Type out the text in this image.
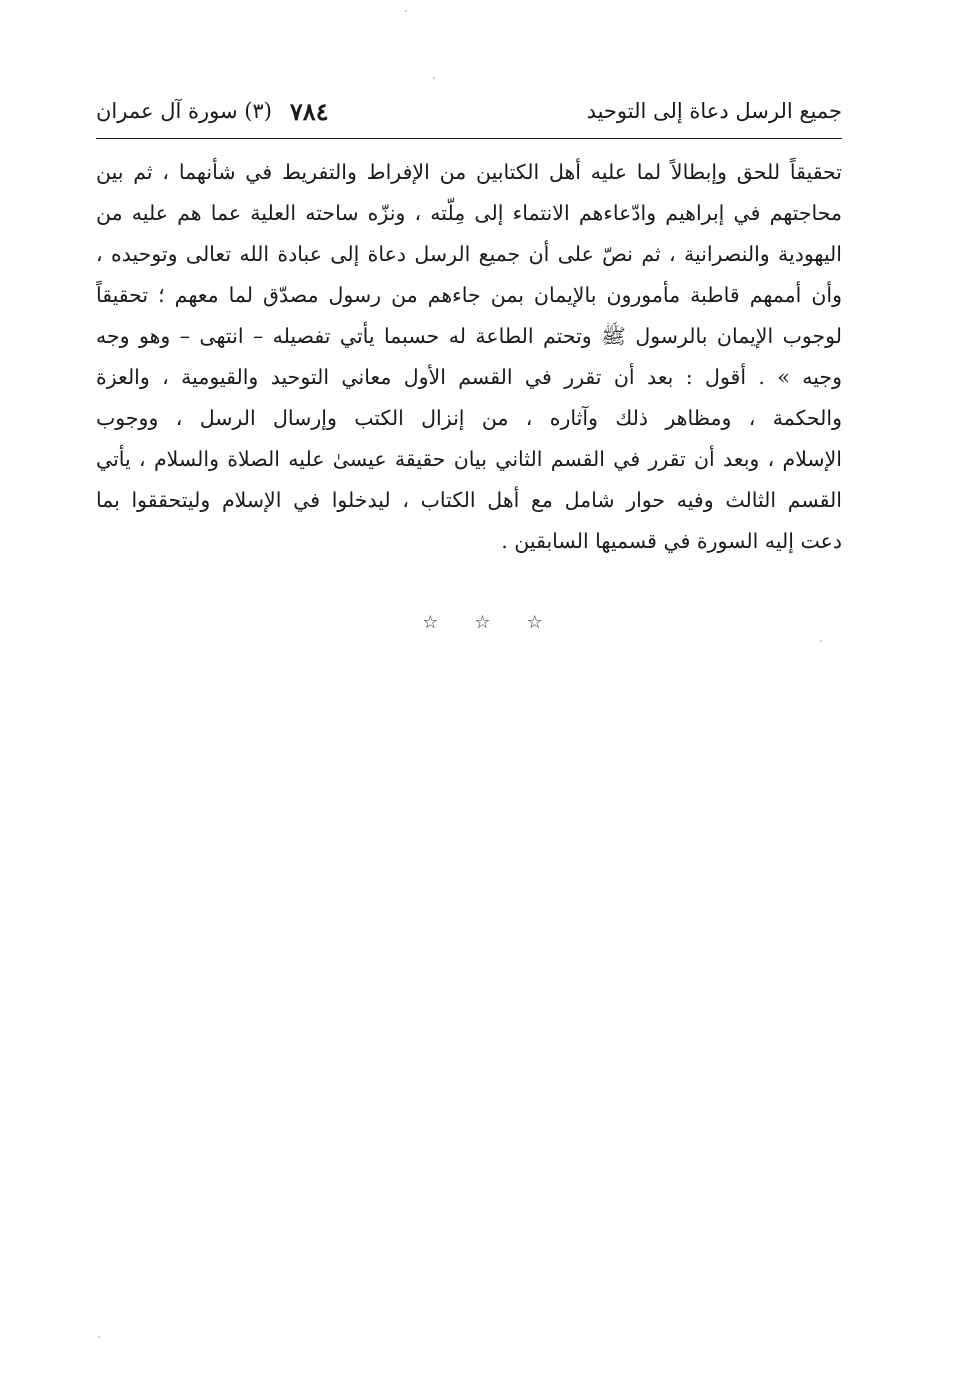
٧٨٤
(٣) سورة آل عمران	جميع الرسل دعاة إلى التوحيد
تحقيقاً للحق وإبطالاً لما عليه أهل الكتابين من الإفراط والتفريط في شأنهما ، ثم بين
محاجتهم في إبراهيم وادّعاءهم الانتماء إلى مِلّته ، ونزّه ساحته العلية عما هم عليه من
اليهودية والنصرانية ، ثم نصّ على أن جميع الرسل دعاة إلى عبادة الله تعالى وتوحيده ،
وأن أممهم قاطبة مأمورون بالإيمان بمن جاءهم من رسول مصدّق لما معهم ؛ تحقيقاً
لوجوب الإيمان بالرسول ﷺ وتحتم الطاعة له حسبما يأتي تفصيله – انتهى – وهو وجه
وجيه » . أقول : بعد أن تقرر في القسم الأول معاني التوحيد والقيومية ، والعزة
والحكمة ، ومظاهر ذلك وآثاره ، من إنزال الكتب وإرسال الرسل ، ووجوب
الإسلام ، وبعد أن تقرر في القسم الثاني بيان حقيقة عيسىٰ عليه الصلاة والسلام ، يأتي
القسم الثالث وفيه حوار شامل مع أهل الكتاب ، ليدخلوا في الإسلام وليتحققوا بما
دعت إليه السورة في قسميها السابقين .
☆ ☆ ☆
